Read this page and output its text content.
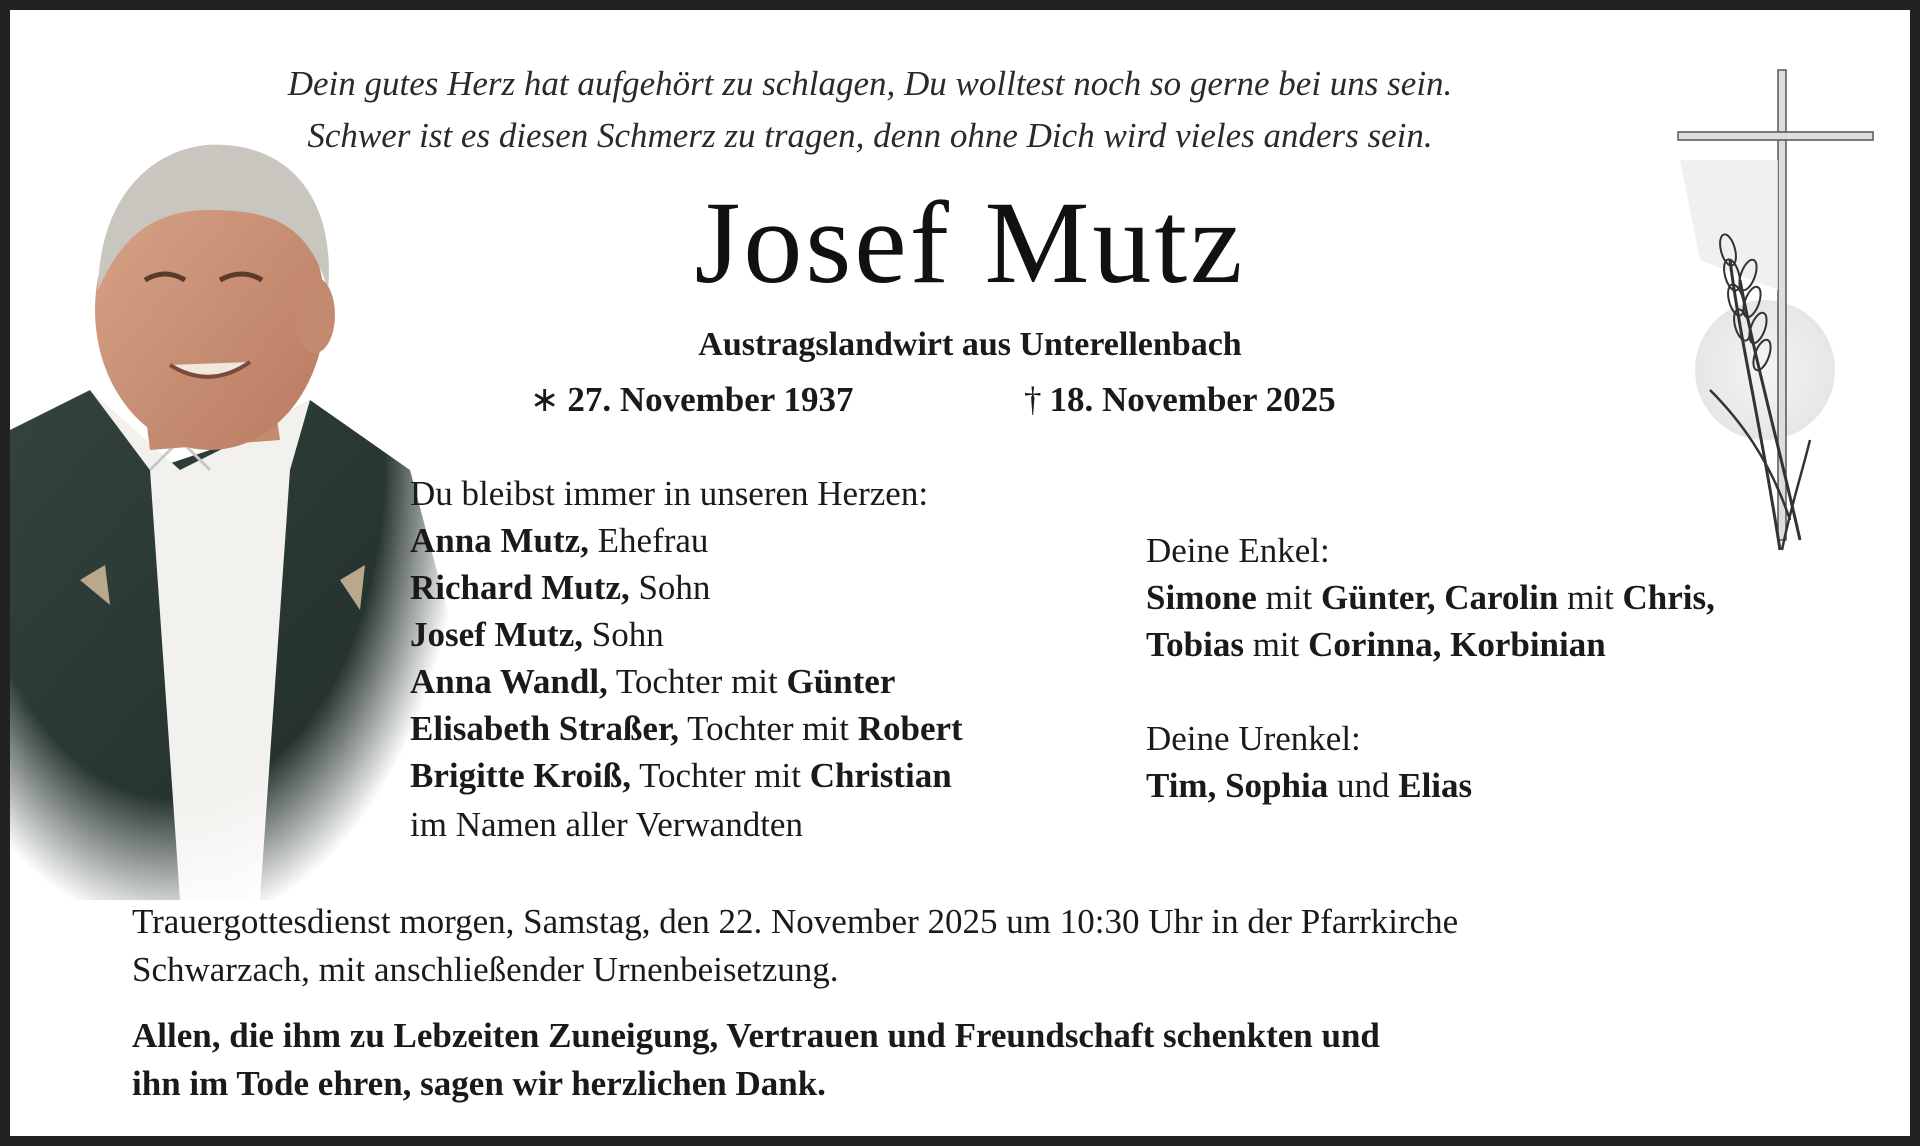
Dein gutes Herz hat aufgehört zu schlagen, Du wolltest noch so gerne bei uns sein.
Schwer ist es diesen Schmerz zu tragen, denn ohne Dich wird vieles anders sein.
Josef Mutz
Austragslandwirt aus Unterellenbach
∗ 27. November 1937	† 18. November 2025
Du bleibst immer in unseren Herzen:
Anna Mutz, Ehefrau
Richard Mutz, Sohn
Josef Mutz, Sohn
Anna Wandl, Tochter mit Günter
Elisabeth Straßer, Tochter mit Robert
Brigitte Kroiß, Tochter mit Christian
im Namen aller Verwandten
Deine Enkel:
Simone mit Günter, Carolin mit Chris,
Tobias mit Corinna, Korbinian
Deine Urenkel:
Tim, Sophia und Elias
Trauergottesdienst morgen, Samstag, den 22. November 2025 um 10:30 Uhr in der Pfarrkirche
Schwarzach, mit anschließender Urnenbeisetzung.
Allen, die ihm zu Lebzeiten Zuneigung, Vertrauen und Freundschaft schenkten und
ihn im Tode ehren, sagen wir herzlichen Dank.
